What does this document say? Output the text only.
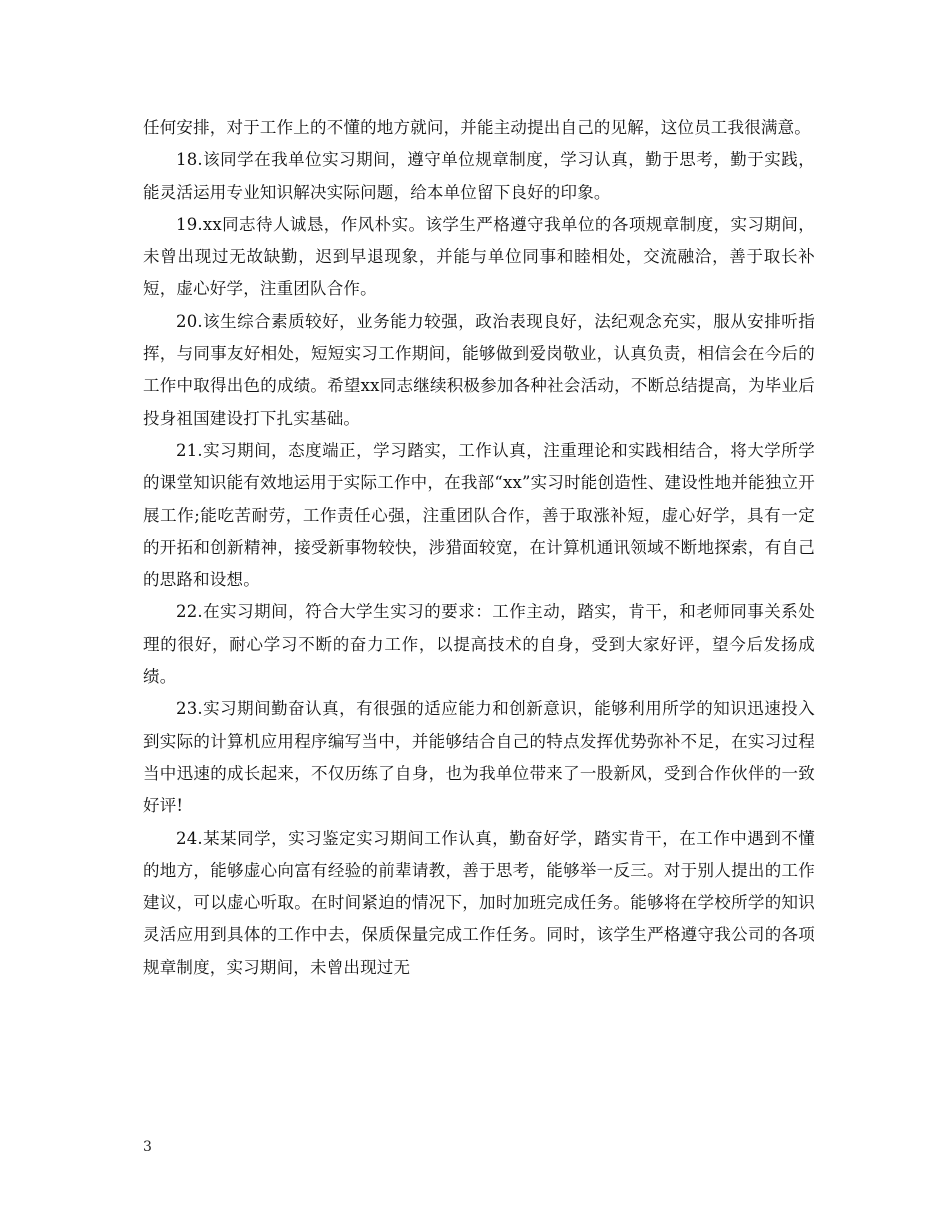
任何安排，对于工作上的不懂的地方就问，并能主动提出自己的见解，这位员工我很满意。

18.该同学在我单位实习期间，遵守单位规章制度，学习认真，勤于思考，勤于实践，能灵活运用专业知识解决实际问题，给本单位留下良好的印象。

19.xx同志待人诚恳，作风朴实。该学生严格遵守我单位的各项规章制度，实习期间，未曾出现过无故缺勤，迟到早退现象，并能与单位同事和睦相处，交流融洽，善于取长补短，虚心好学，注重团队合作。

20.该生综合素质较好，业务能力较强，政治表现良好，法纪观念充实，服从安排听指挥，与同事友好相处，短短实习工作期间，能够做到爱岗敬业，认真负责，相信会在今后的工作中取得出色的成绩。希望xx同志继续积极参加各种社会活动，不断总结提高，为毕业后投身祖国建设打下扎实基础。

21.实习期间，态度端正，学习踏实，工作认真，注重理论和实践相结合，将大学所学的课堂知识能有效地运用于实际工作中，在我部“xx”实习时能创造性、建设性地并能独立开展工作;能吃苦耐劳，工作责任心强，注重团队合作，善于取涨补短，虚心好学，具有一定的开拓和创新精神，接受新事物较快，涉猎面较宽，在计算机通讯领域不断地探索，有自己的思路和设想。

22.在实习期间，符合大学生实习的要求：工作主动，踏实，肯干，和老师同事关系处理的很好，耐心学习不断的奋力工作，以提高技术的自身，受到大家好评，望今后发扬成绩。

23.实习期间勤奋认真，有很强的适应能力和创新意识，能够利用所学的知识迅速投入到实际的计算机应用程序编写当中，并能够结合自己的特点发挥优势弥补不足，在实习过程当中迅速的成长起来，不仅历练了自身，也为我单位带来了一股新风，受到合作伙伴的一致好评!

24.某某同学，实习鉴定实习期间工作认真，勤奋好学，踏实肯干，在工作中遇到不懂的地方，能够虚心向富有经验的前辈请教，善于思考，能够举一反三。对于别人提出的工作建议，可以虚心听取。在时间紧迫的情况下，加时加班完成任务。能够将在学校所学的知识灵活应用到具体的工作中去，保质保量完成工作任务。同时，该学生严格遵守我公司的各项规章制度，实习期间，未曾出现过无

3
